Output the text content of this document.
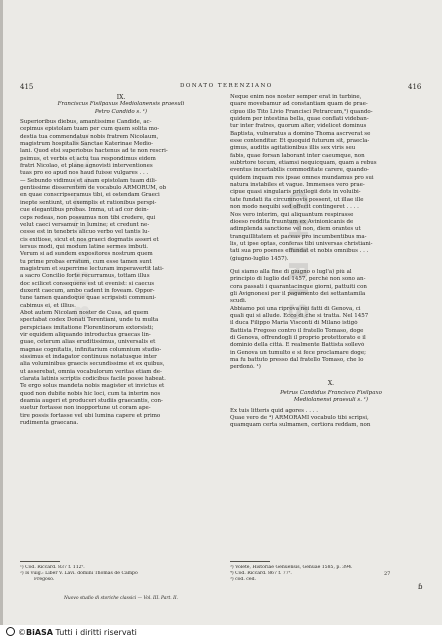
415	DONATO TERENZIANO	416
GHIRIS
BIBLIOTECA
IX.
Franciscus Fisilpaxus Mediolanensis praesuli
Petro Candido s. ¹)
Superioribus diebus, amantissime Candide, ac-
cepimus epistolam tuam per cum quem solita mo-
destia tua commendatus nobis fratrem Nicolaum,
magistrum hospitalis Sanctae Katerinae Medio-
lani. Quod etsi superiobus hactenus ad te non rescri-
psimus, et verbis et actu tua respondimus eidem
fratri Nicolao, et plane agnovisti interventiones
tuas pro eo apud nos haud fuisse vulgares . . .
— Sebundo vidimus et anam epistolam tuam dili-
gentissime disserentem de vocabulo ARMORUM, ob
en quae conscripseramus tibi, ei ostendam Graeci
inepte sentiunt, ut exemplis et rationibus perspi-
cue elegantibus probas. Imma, ut ad cor dein-
ceps redeas, non possumus non tibi credere, qui
velut caeci versamur in lumine; et credunt ne-
cesse est in tenebris alicuo verbo vel tantis lu-
cis exitiose, sicut et nos graeci dogmatis asseri et
iersus modi, qui modum latine sermes imbuti.
Verum si ad sundem expositores nostrum quem
tu prime probas erratum, cum esse tamen sunt
magistrum et superrime lecturam imperavertit lati-
a sacro Concilio forte recurramus, tottam illus
doc scilicet consequens est ut evenist: si caecus
duxerit caecum, ambo cadent in foveam. Oppor-
tune tamen quandoque quae scripsisti communi-
cabimus ei, et illius.
Abot autem Nicolam noster de Cusa, ad quem
spectabat codex Donati Terentiani, unde tu multa
perspiciaes imitatione Florentinorum extorsisti;
vir equidem aliquando introductus graecas lin-
guae, ceterum alias eruditissimus, universalis et
magnae cognitatis, infinitarium columnium studio-
sissimus et indagator continuus notatusque inter
alia voluminibus graecis secundissime et ex quibus,
ut asserebat, omnia vocabulorum veritas etiam de-
clarata latinis scriptis codicibus facile posse habeat.
Te ergo solus mandeta nobis magister et invictus et
quod non dubite nobis hic loci, cum ta interim nos
deamia augeri et produceri studiis graecantis, con-
suetur fortasse non inopportune ut coram ape-
tire possis fortasse vel ubi lumina capere et primo
rudimenta graecana.
¹) Cod. Riccard. 837 f. 112ᵛ.
²) Is vuig.: Liber V. Lavi. domini Thomas de Campo
Fregoso.
Nuovo studio di storiche classici — Vol. III. Part. II.
Neque enim nos noster semper erat in turbine,
quare movebamur ad constantiam quam de prae-
cipuo illo Tito Livio Francisci Petrarcum,³) quando-
quidem per intestina bella, quae conflati videban-
tur inter fratres, quorum alter, videlicet dominus
Baptista, vulneratus a domino Thoma ascrverat se
esse contenditur. Et quoquid futurum sit, praecla-
gimus, auditis agitationibus illis sex viris seu
fabis, quae forsan laborant inter caeumque, non
subtrtore tecum, etiamsi nequicquam, quam a rebus
eventus incertabilis commoditate carere, quando-
quidem inquam res ipsae omnes mundamus pro sui
natura instabiles et vague. Immenses vero prae-
cipue quasi singularis privilegii dots in voluibi-
tate fundati ita circumnovis possent, ut illae ille
non modo nequibi sed offecit contingeret . . . .
Nos vero interim, qui aliquantum respirasse
dioeso reddita fruuntum ex Avinionicanis de
adimplenda sanctione vel non, diem orantes ut
tranquillitatem et paceas pro incumbentibus ma-
lis, ut ipse optas, conferas tibi universas christiani-
tati sua pro poenes effundat et nobis omnibus . . .
(giugno-luglio 1457).
Qui siamo alla fine di giugno o lugl'a) più al
principio di luglio del 1457, perchè non sono an-
cora passati i quarantacinque giorni, pattuiti con
gli Avignonesi per il pagamento dei settantamila
scudi.
Abbiamo poi una riprova nei fatti di Genova, ci
quali qui si allude. Ecco di che si tratta. Nel 1457
il duca Filippo Maria Visconti di Milano istigò
Battista Fregoso contro il fratello Tomaso, doge
di Genova, offrendogli il proprio protettorato e il
dominio della città. E realmente Battista sollevò
in Genova un tumulto e si fece proclamare doge;
ma fu battuto presso dal fratello Tomaso, che lo
perdonò. ¹)
X.
Petrus Candidus Francisco Fisilpaxo
Mediolanensi praesuli s. ¹)
Ex tuis litteris quid agores . . . .
Quae vero de ⁴) ARMORAMI vocabulo tibi scripsi,
quamquam certa sulmamen, certiora reddam, non
³) Volete, Historiae Genuensis, Genuae 1585, p. 394.
⁴) Cod. Riccard. 867 f. 77ᵛ.
³) cod. ced.
27
ɓ
©BiASA Tutti i diritti riservati
